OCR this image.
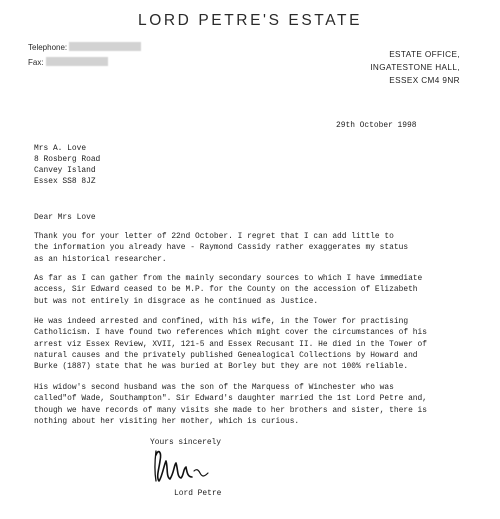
LORD PETRE'S ESTATE
Telephone:
Fax:
ESTATE OFFICE,
INGATESTONE HALL,
ESSEX CM4 9NR
29th October 1998
Mrs A. Love
8 Rosberg Road
Canvey Island
Essex SS8 8JZ
Dear Mrs Love
Thank you for your letter of 22nd October. I regret that I can add little to
the information you already have - Raymond Cassidy rather exaggerates my status
as an historical researcher.
As far as I can gather from the mainly secondary sources to which I have immediate
access, Sir Edward ceased to be M.P. for the County on the accession of Elizabeth
but was not entirely in disgrace as he continued as Justice.
He was indeed arrested and confined, with his wife, in the Tower for practising
Catholicism. I have found two references which might cover the circumstances of his
arrest viz Essex Review, XVII, 121-5 and Essex Recusant II. He died in the Tower of
natural causes and the privately published Genealogical Collections by Howard and
Burke (1887) state that he was buried at Borley but they are not 100% reliable.
His widow's second husband was the son of the Marquess of Winchester who was
called"of Wade, Southampton". Sir Edward's daughter married the 1st Lord Petre and,
though we have records of many visits she made to her brothers and sister, there is
nothing about her visiting her mother, which is curious.
Yours sincerely
Lord Petre
